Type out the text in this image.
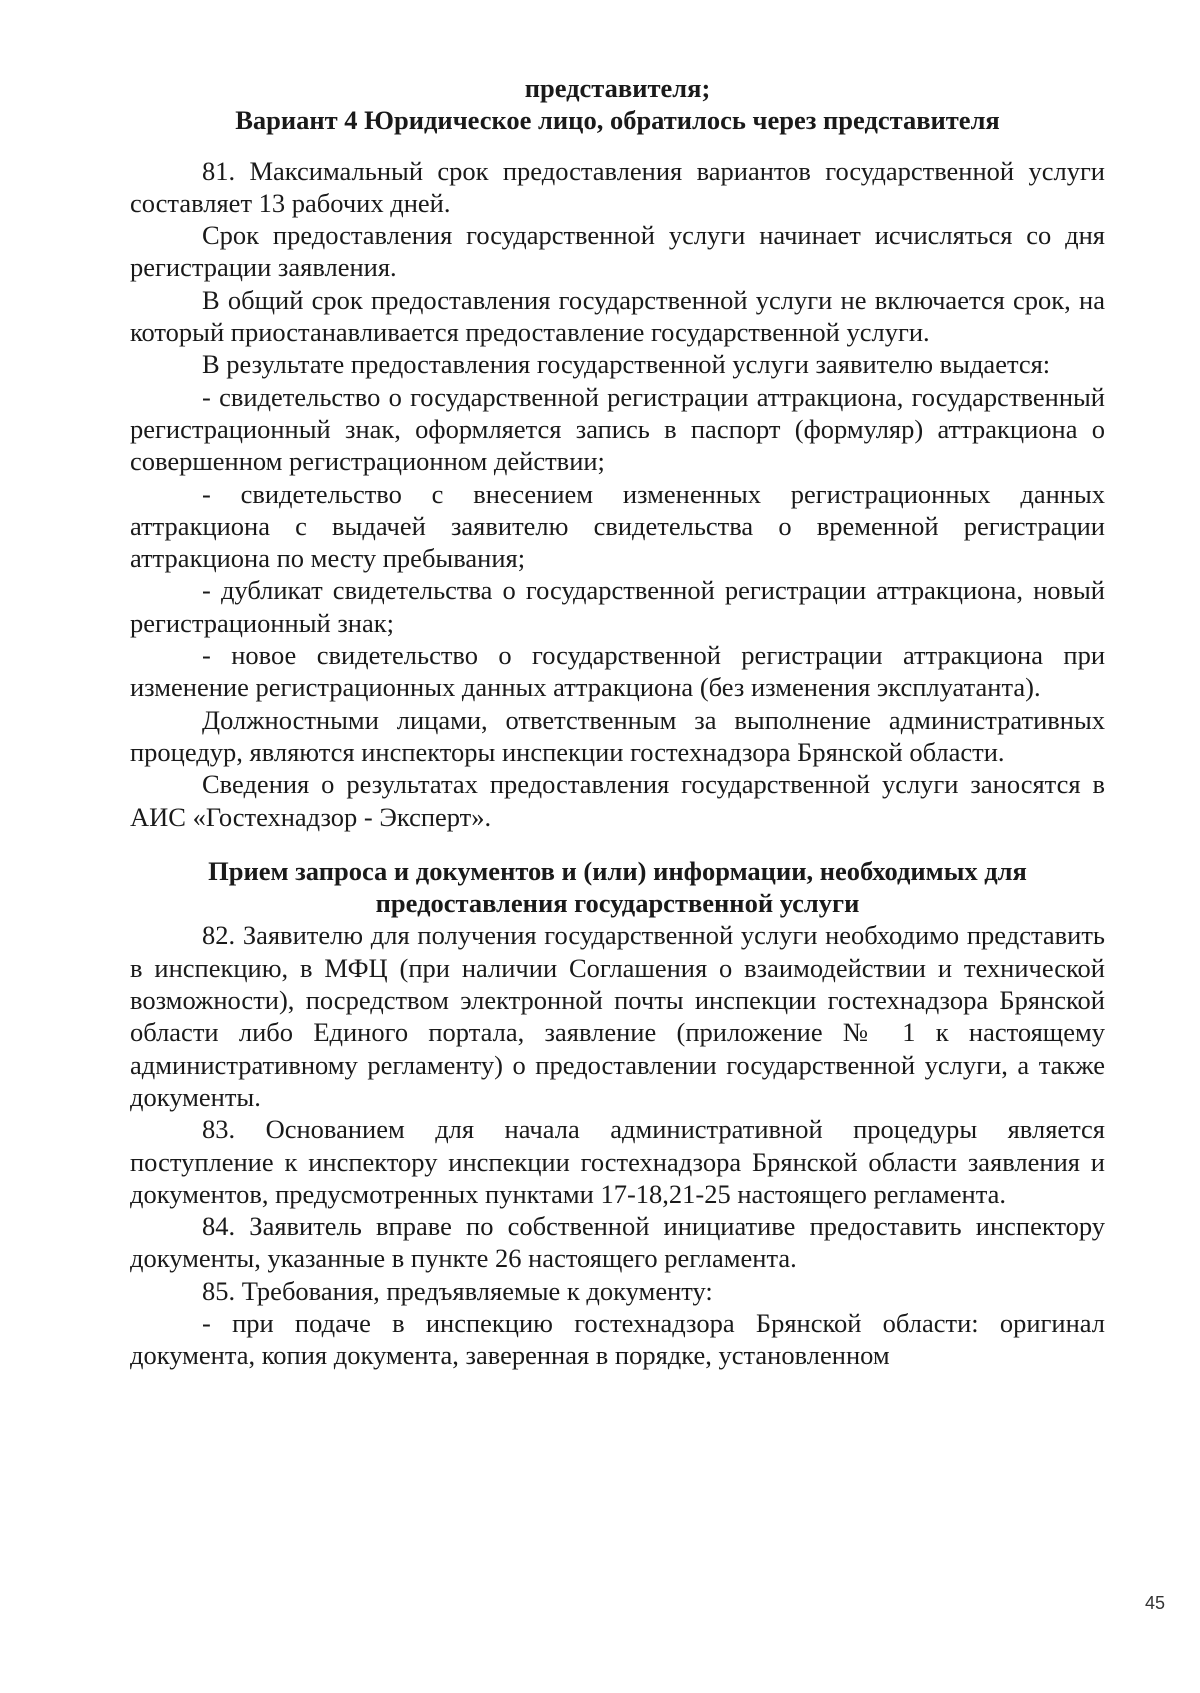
представителя;

Вариант 4 Юридическое лицо, обратилось через представителя

81. Максимальный срок предоставления вариантов государственной услуги составляет 13 рабочих дней.

Срок предоставления государственной услуги начинает исчисляться со дня регистрации заявления.

В общий срок предоставления государственной услуги не включается срок, на который приостанавливается предоставление государственной услуги.

В результате предоставления государственной услуги заявителю выдается:

- свидетельство о государственной регистрации аттракциона, государственный регистрационный знак, оформляется запись в паспорт (формуляр) аттракциона о совершенном регистрационном действии;

- свидетельство с внесением измененных регистрационных данных аттракциона с выдачей заявителю свидетельства о временной регистрации аттракциона по месту пребывания;

- дубликат свидетельства о государственной регистрации аттракциона, новый регистрационный знак;

- новое свидетельство о государственной регистрации аттракциона при изменение регистрационных данных аттракциона (без изменения эксплуатанта).

Должностными лицами, ответственным за выполнение административных процедур, являются инспекторы инспекции гостехнадзора Брянской области.

Сведения о результатах предоставления государственной услуги заносятся в АИС «Гостехнадзор - Эксперт».

Прием запроса и документов и (или) информации, необходимых для предоставления государственной услуги

82. Заявителю для получения государственной услуги необходимо представить в инспекцию, в МФЦ (при наличии Соглашения о взаимодействии и технической возможности), посредством электронной почты инспекции гостехнадзора Брянской области либо Единого портала, заявление (приложение № 1 к настоящему административному регламенту) о предоставлении государственной услуги, а также документы.

83. Основанием для начала административной процедуры является поступление к инспектору инспекции гостехнадзора Брянской области заявления и документов, предусмотренных пунктами 17-18,21-25 настоящего регламента.

84. Заявитель вправе по собственной инициативе предоставить инспектору документы, указанные в пункте 26 настоящего регламента.

85. Требования, предъявляемые к документу:

- при подаче в инспекцию гостехнадзора Брянской области: оригинал документа, копия документа, заверенная в порядке, установленном

45
